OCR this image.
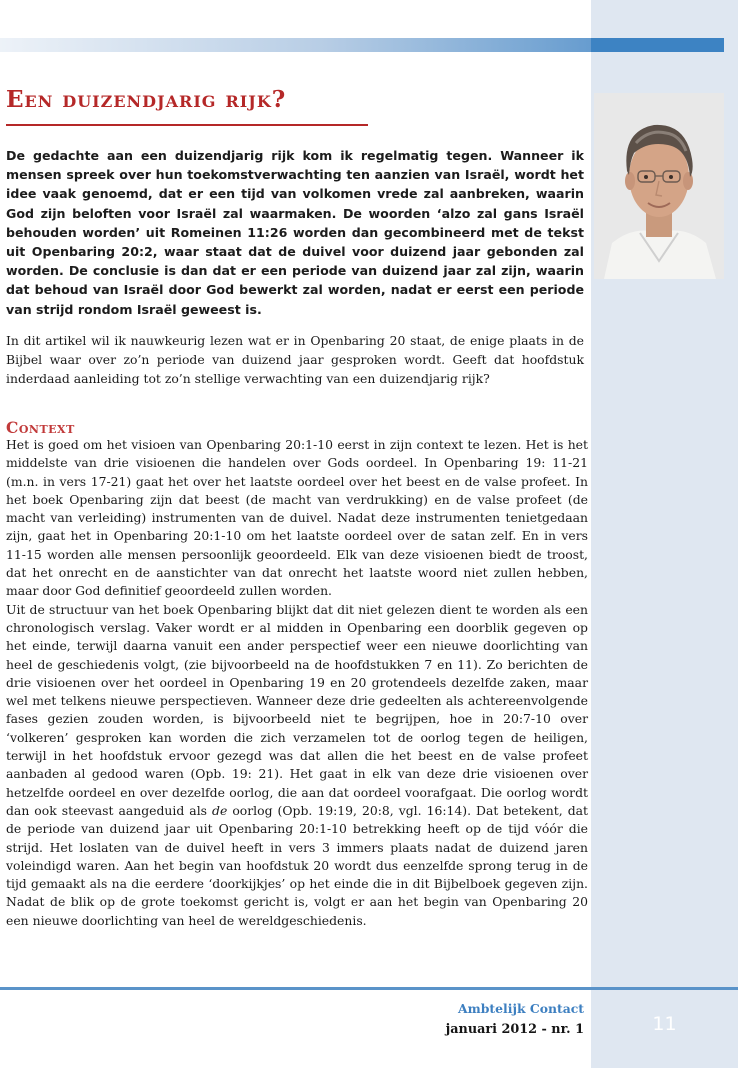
Een duizendjarig rijk?

De gedachte aan een duizendjarig rijk kom ik regelmatig tegen. Wanneer ik mensen spreek over hun toekomstverwachting ten aanzien van Israël, wordt het idee vaak genoemd, dat er een tijd van volkomen vrede zal aanbreken, waarin God zijn beloften voor Israël zal waarmaken. De woorden ‘alzo zal gans Israël behouden worden’ uit Romeinen 11:26 worden dan gecombineerd met de tekst uit Openbaring 20:2, waar staat dat de duivel voor duizend jaar gebonden zal worden. De conclusie is dan dat er een periode van duizend jaar zal zijn, waarin dat behoud van Israël door God bewerkt zal worden, nadat er eerst een periode van strijd rondom Israël geweest is.

In dit artikel wil ik nauwkeurig lezen wat er in Openbaring 20 staat, de enige plaats in de Bijbel waar over zo’n periode van duizend jaar gesproken wordt. Geeft dat hoofdstuk inderdaad aanleiding tot zo’n stellige verwachting van een duizendjarig rijk?

Context

Het is goed om het visioen van Openbaring 20:1-10 eerst in zijn context te lezen. Het is het middelste van drie visioenen die handelen over Gods oordeel. In Openbaring 19: 11-21 (m.n. in vers 17-21) gaat het over het laatste oordeel over het beest en de valse profeet. In het boek Openbaring zijn dat beest (de macht van verdrukking) en de valse profeet (de macht van verleiding) instrumenten van de duivel. Nadat deze instrumenten tenietgedaan zijn, gaat het in Openbaring 20:1-10 om het laatste oordeel over de satan zelf. En in vers 11-15 worden alle mensen persoonlijk geoordeeld. Elk van deze visioenen biedt de troost, dat het onrecht en de aanstichter van dat onrecht het laatste woord niet zullen hebben, maar door God definitief geoordeeld zullen worden.

Uit de structuur van het boek Openbaring blijkt dat dit niet gelezen dient te worden als een chronologisch verslag. Vaker wordt er al midden in Openbaring een doorblik gegeven op het einde, terwijl daarna vanuit een ander perspectief weer een nieuwe doorlichting van heel de geschiedenis volgt, (zie bijvoorbeeld na de hoofdstukken 7 en 11). Zo berichten de drie visioenen over het oordeel in Openbaring 19 en 20 grotendeels dezelfde zaken, maar wel met telkens nieuwe perspectieven. Wanneer deze drie gedeelten als achtereenvolgende fases gezien zouden worden, is bijvoorbeeld niet te begrijpen, hoe in 20:7-10 over ‘volkeren’ gesproken kan worden die zich verzamelen tot de oorlog tegen de heiligen, terwijl in het hoofdstuk ervoor gezegd was dat allen die het beest en de valse profeet aanbaden al gedood waren (Opb. 19: 21). Het gaat in elk van deze drie visioenen over hetzelfde oordeel en over dezelfde oorlog, die aan dat oordeel voorafgaat. Die oorlog wordt dan ook steevast aangeduid als de oorlog (Opb. 19:19, 20:8, vgl. 16:14). Dat betekent, dat de periode van duizend jaar uit Openbaring 20:1-10 betrekking heeft op de tijd vóór die strijd. Het loslaten van de duivel heeft in vers 3 immers plaats nadat de duizend jaren voleindigd waren. Aan het begin van hoofdstuk 20 wordt dus eenzelfde sprong terug in de tijd gemaakt als na die eerdere ‘doorkijkjes’ op het einde die in dit Bijbelboek gegeven zijn. Nadat de blik op de grote toekomst gericht is, volgt er aan het begin van Openbaring 20 een nieuwe doorlichting van heel de wereldgeschiedenis.

Ambtelijk Contact

januari 2012 - nr. 1	11
